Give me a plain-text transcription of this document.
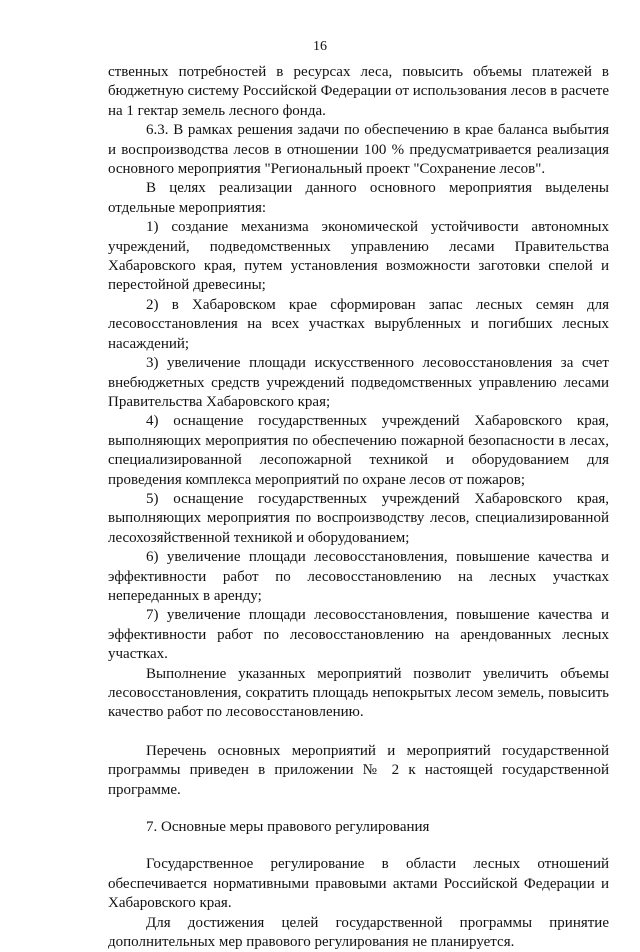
16

ственных потребностей в ресурсах леса, повысить объемы платежей в бюджетную систему Российской Федерации от использования лесов в расчете на 1 гектар земель лесного фонда.

6.3. В рамках решения задачи по обеспечению в крае баланса выбытия и воспроизводства лесов в отношении 100 % предусматривается реализация основного мероприятия "Региональный проект "Сохранение лесов".

В целях реализации данного основного мероприятия выделены отдельные мероприятия:

1) создание механизма экономической устойчивости автономных учреждений, подведомственных управлению лесами Правительства Хабаровского края, путем установления возможности заготовки спелой и перестойной древесины;

2) в Хабаровском крае сформирован запас лесных семян для лесовосстановления на всех участках вырубленных и погибших лесных насаждений;

3) увеличение площади искусственного лесовосстановления за счет внебюджетных средств учреждений подведомственных управлению лесами Правительства Хабаровского края;

4) оснащение государственных учреждений Хабаровского края, выполняющих мероприятия по обеспечению пожарной безопасности в лесах, специализированной лесопожарной техникой и оборудованием для проведения комплекса мероприятий по охране лесов от пожаров;

5) оснащение государственных учреждений Хабаровского края, выполняющих мероприятия по воспроизводству лесов, специализированной лесохозяйственной техникой и оборудованием;

6) увеличение площади лесовосстановления, повышение качества и эффективности работ по лесовосстановлению на лесных участках непереданных в аренду;

7) увеличение площади лесовосстановления, повышение качества и эффективности работ по лесовосстановлению на арендованных лесных участках.

Выполнение указанных мероприятий позволит увеличить объемы лесовосстановления, сократить площадь непокрытых лесом земель, повысить качество работ по лесовосстановлению.

Перечень основных мероприятий и мероприятий государственной программы приведен в приложении № 2 к настоящей государственной программе.

7. Основные меры правового регулирования

Государственное регулирование в области лесных отношений обеспечивается нормативными правовыми актами Российской Федерации и Хабаровского края.

Для достижения целей государственной программы принятие дополнительных мер правового регулирования не планируется.
